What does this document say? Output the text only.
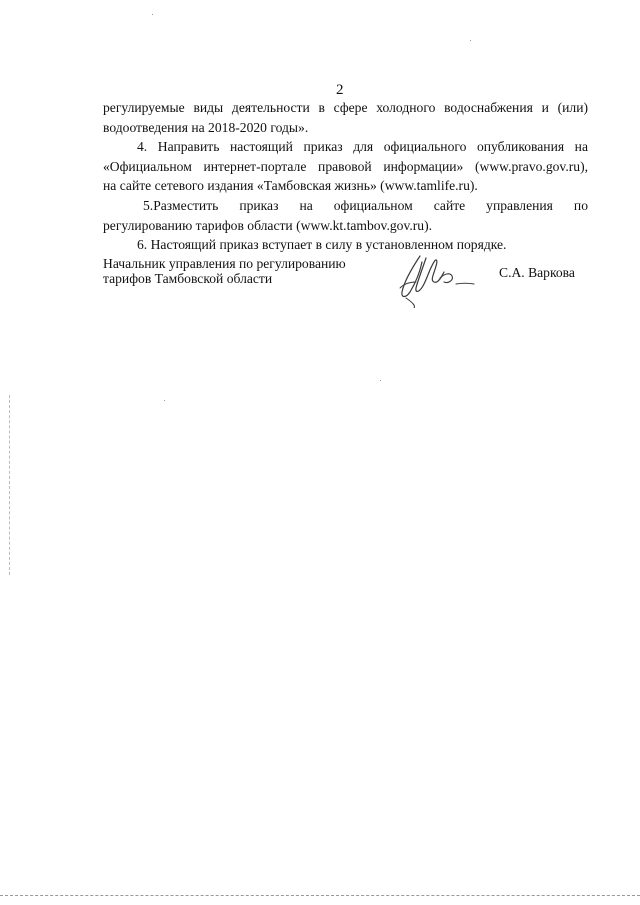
2
регулируемые виды деятельности в сфере холодного водоснабжения и (или)
водоотведения на 2018-2020 годы».
4. Направить настоящий приказ для официального опубликования на
«Официальном интернет-портале правовой информации» (www.pravo.gov.ru),
на сайте сетевого издания «Тамбовская жизнь» (www.tamlife.ru).
5.Разместить приказ на официальном сайте управления по
регулированию тарифов области (www.kt.tambov.gov.ru).
6. Настоящий приказ вступает в силу в установленном порядке.
Начальник управления по регулированию
тарифов Тамбовской области	С.А. Варкова
